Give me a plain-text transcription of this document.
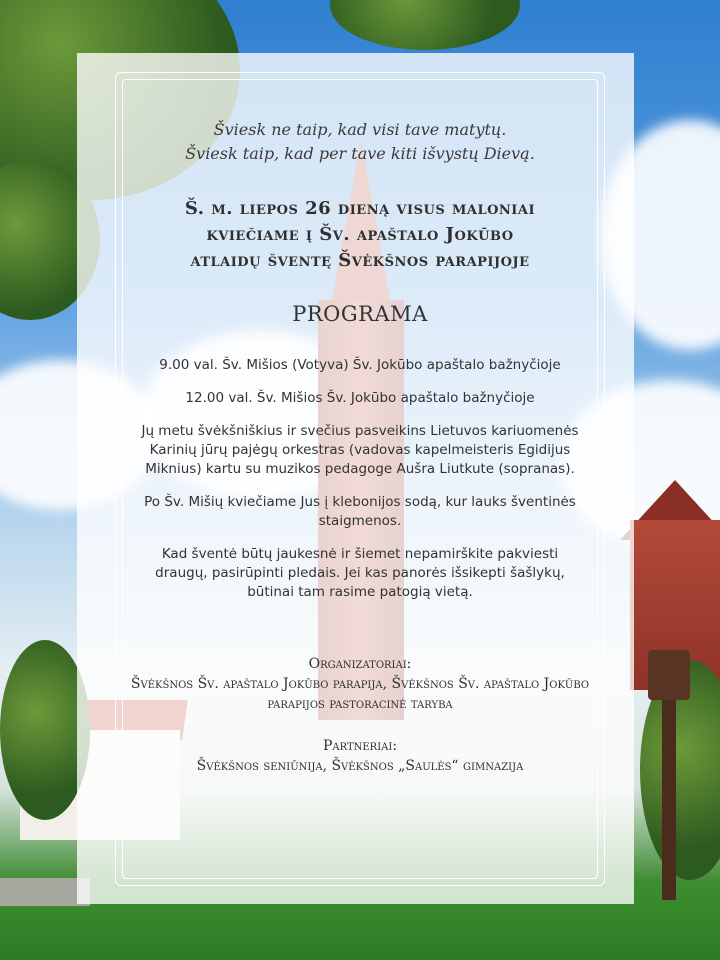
Šviesk ne taip, kad visi tave matytų.
Šviesk taip, kad per tave kiti išvystų Dievą.
Š. m. liepos 26 dieną visus maloniai
kviečiame į Šv. apaštalo Jokūbo
atlaidų šventę Švėkšnos parapijoje
PROGRAMA

9.00 val. Šv. Mišios (Votyva) Šv. Jokūbo apaštalo bažnyčioje

12.00 val. Šv. Mišios Šv. Jokūbo apaštalo bažnyčioje

Jų metu švėkšniškius ir svečius pasveikins Lietuvos kariuomenės Karinių jūrų pajėgų orkestras (vadovas kapelmeisteris Egidijus Miknius) kartu su muzikos pedagoge Aušra Liutkute (sopranas).

Po Šv. Mišių kviečiame Jus į klebonijos sodą, kur lauks šventinės staigmenos.

Kad šventė būtų jaukesnė ir šiemet nepamirškite pakviesti draugų, pasirūpinti pledais. Jei kas panorės išsikepti šašlykų, būtinai tam rasime patogią vietą.

Organizatoriai:
Švėkšnos Šv. apaštalo Jokūbo parapija, Švėkšnos Šv. apaštalo Jokūbo parapijos pastoracinė taryba
Partneriai:
Švėkšnos seniūnija, Švėkšnos „Saulės“ gimnazija
